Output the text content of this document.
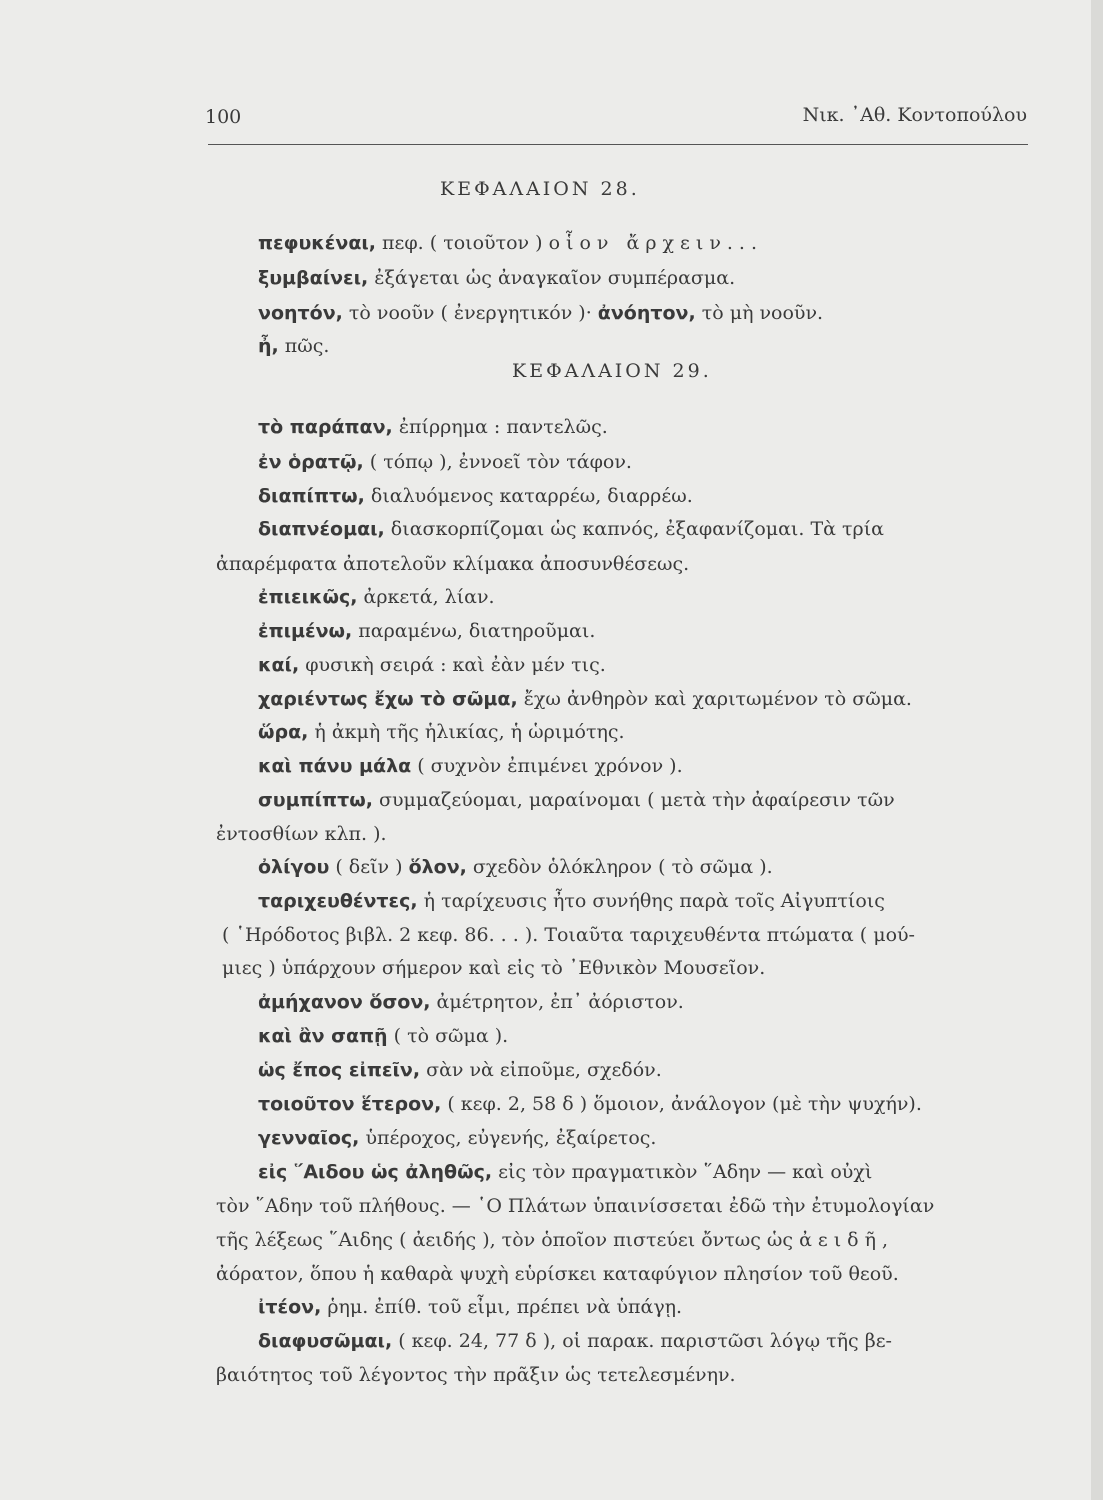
100	Νικ. ᾿Αθ. Κοντοπούλου
ΚΕΦΑΛΑΙΟΝ 28.
πεφυκέναι, πεφ. ( τοιοῦτον ) οἷον ἄρχειν...
ξυμβαίνει, ἐξάγεται ὡς ἀναγκαῖον συμπέρασμα.
νοητόν, τὸ νοοῦν ( ἐνεργητικόν )· ἀνόητον, τὸ μὴ νοοῦν.
ἦ, πῶς.
ΚΕΦΑΛΑΙΟΝ 29.
τὸ παράπαν, ἐπίρρημα : παντελῶς.
ἐν ὁρατῷ, ( τόπῳ ), ἐννοεῖ τὸν τάφον.
διαπίπτω, διαλυόμενος καταρρέω, διαρρέω.
διαπνέομαι, διασκορπίζομαι ὡς καπνός, ἐξαφανίζομαι. Τὰ τρία
ἀπαρέμφατα ἀποτελοῦν κλίμακα ἀποσυνθέσεως.
ἐπιεικῶς, ἀρκετά, λίαν.
ἐπιμένω, παραμένω, διατηροῦμαι.
καί, φυσικὴ σειρά : καὶ ἐὰν μέν τις.
χαριέντως ἔχω τὸ σῶμα, ἔχω ἀνθηρὸν καὶ χαριτωμένον τὸ σῶμα.
ὥρα, ἡ ἀκμὴ τῆς ἡλικίας, ἡ ὡριμότης.
καὶ πάνυ μάλα ( συχνὸν ἐπιμένει χρόνον ).
συμπίπτω, συμμαζεύομαι, μαραίνομαι ( μετὰ τὴν ἀφαίρεσιν τῶν
ἐντοσθίων κλπ. ).
ὀλίγου ( δεῖν ) ὅλον, σχεδὸν ὁλόκληρον ( τὸ σῶμα ).
ταριχευθέντες, ἡ ταρίχευσις ἦτο συνήθης παρὰ τοῖς Αἰγυπτίοις
( ῾Ηρόδοτος βιβλ. 2 κεφ. 86. . . ). Τοιαῦτα ταριχευθέντα πτώματα ( μού-
μιες ) ὑπάρχουν σήμερον καὶ εἰς τὸ ᾿Εθνικὸν Μουσεῖον.
ἀμήχανον ὅσον, ἀμέτρητον, ἐπ᾿ ἀόριστον.
καὶ ἂν σαπῇ ( τὸ σῶμα ).
ὡς ἔπος εἰπεῖν, σὰν νὰ εἰποῦμε, σχεδόν.
τοιοῦτον ἕτερον, ( κεφ. 2, 58 δ ) ὅμοιον, ἀνάλογον (μὲ τὴν ψυχήν).
γενναῖος, ὑπέροχος, εὐγενής, ἐξαίρετος.
εἰς ῞Αιδου ὡς ἀληθῶς, εἰς τὸν πραγματικὸν ῞Αδην — καὶ οὐχὶ
τὸν ῞Αδην τοῦ πλήθους. — ῾Ο Πλάτων ὑπαινίσσεται ἐδῶ τὴν ἐτυμολογίαν
τῆς λέξεως ῞Αιδης ( ἀειδής ), τὸν ὁποῖον πιστεύει ὄντως ὡς ἀειδῆ,
ἀόρατον, ὅπου ἡ καθαρὰ ψυχὴ εὑρίσκει καταφύγιον πλησίον τοῦ θεοῦ.
ἰτέον, ῥημ. ἐπίθ. τοῦ εἶμι, πρέπει νὰ ὑπάγῃ.
διαφυσῶμαι, ( κεφ. 24, 77 δ ), οἱ παρακ. παριστῶσι λόγῳ τῆς βε-
βαιότητος τοῦ λέγοντος τὴν πρᾶξιν ὡς τετελεσμένην.
